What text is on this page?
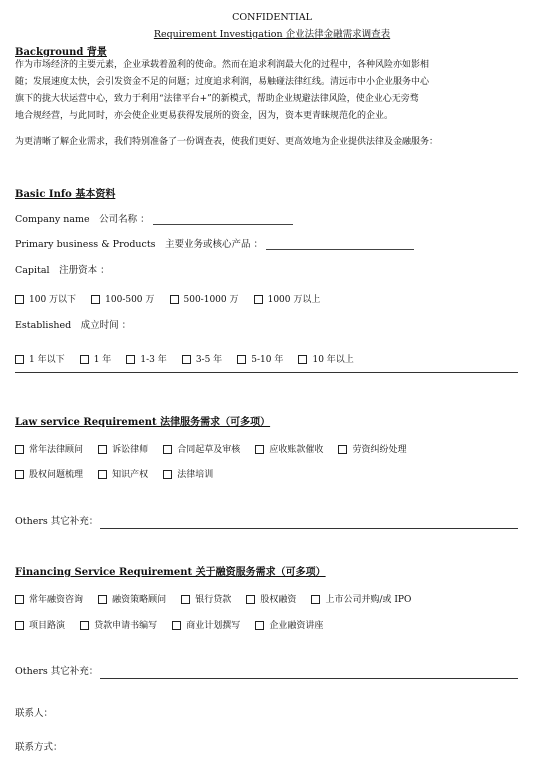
CONFIDENTIAL
Requirement Investigation 企业法律金融需求调查表
Background 背景
作为市场经济的主要元素，企业承载着盈利的使命。然而在追求利润最大化的过程中，各种风险亦如影相
随；发展速度太快，会引发资金不足的问题；过度追求利润，易触碰法律红线。清远市中小企业服务中心
旗下的拢大状运营中心，致力于利用“法律平台+”的新模式，帮助企业规避法律风险，使企业心无旁骛
地合规经营，与此同时，亦会使企业更易获得发展所的资金，因为，资本更青睐规范化的企业。
为更清晰了解企业需求，我们特别准备了一份调查表，使我们更好、更高效地为企业提供法律及金融服务：
Basic Info 基本资料
Company name　公司名称 ：
Primary business & Products　主要业务或核心产品 ：
Capital　注册资本 ：
100 万以下	100-500 万	500-1000 万	1000 万以上
Established　成立时间 ：
1 年以下	1 年	1-3 年	3-5 年	5-10 年	10 年以上
Law service Requirement 法律服务需求（可多项）
常年法律顾问	诉讼律师	合同起草及审核	应收账款催收	劳资纠纷处理
股权问题梳理	知识产权	法律培训
Others 其它补充：
Financing Service Requirement 关于融资服务需求（可多项）
常年融资咨询	融资策略顾问	银行贷款	股权融资	上市公司并购/或 IPO
项目路演	贷款申请书编写	商业计划撰写	企业融资讲座
Others 其它补充：
联系人：
联系方式：
